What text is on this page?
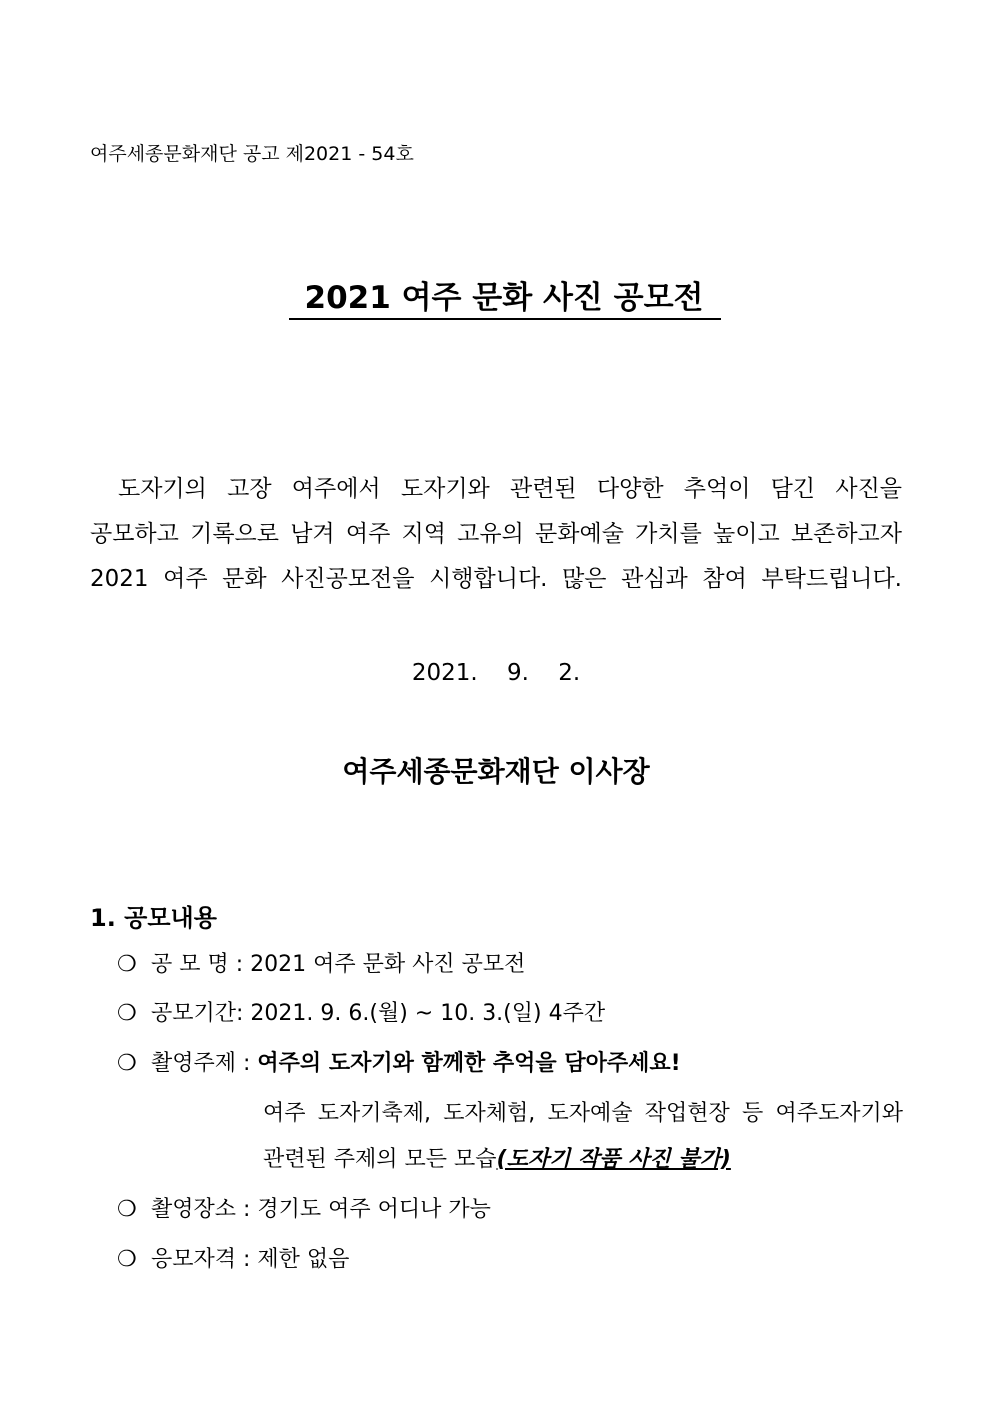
여주세종문화재단 공고 제2021 - 54호
2021 여주 문화 사진 공모전
도자기의 고장 여주에서 도자기와 관련된 다양한 추억이 담긴 사진을
공모하고 기록으로 남겨 여주 지역 고유의 문화예술 가치를 높이고 보존하고자
2021 여주 문화 사진공모전을 시행합니다. 많은 관심과 참여 부탁드립니다.
2021. 9. 2.
여주세종문화재단 이사장
1. 공모내용
❍ 공 모 명 : 2021 여주 문화 사진 공모전
❍ 공모기간: 2021. 9. 6.(월) ~ 10. 3.(일) 4주간
❍ 촬영주제 : 여주의 도자기와 함께한 추억을 담아주세요!
여주 도자기축제, 도자체험, 도자예술 작업현장 등 여주도자기와
관련된 주제의 모든 모습(도자기 작품 사진 불가)
❍ 촬영장소 : 경기도 여주 어디나 가능
❍ 응모자격 : 제한 없음
